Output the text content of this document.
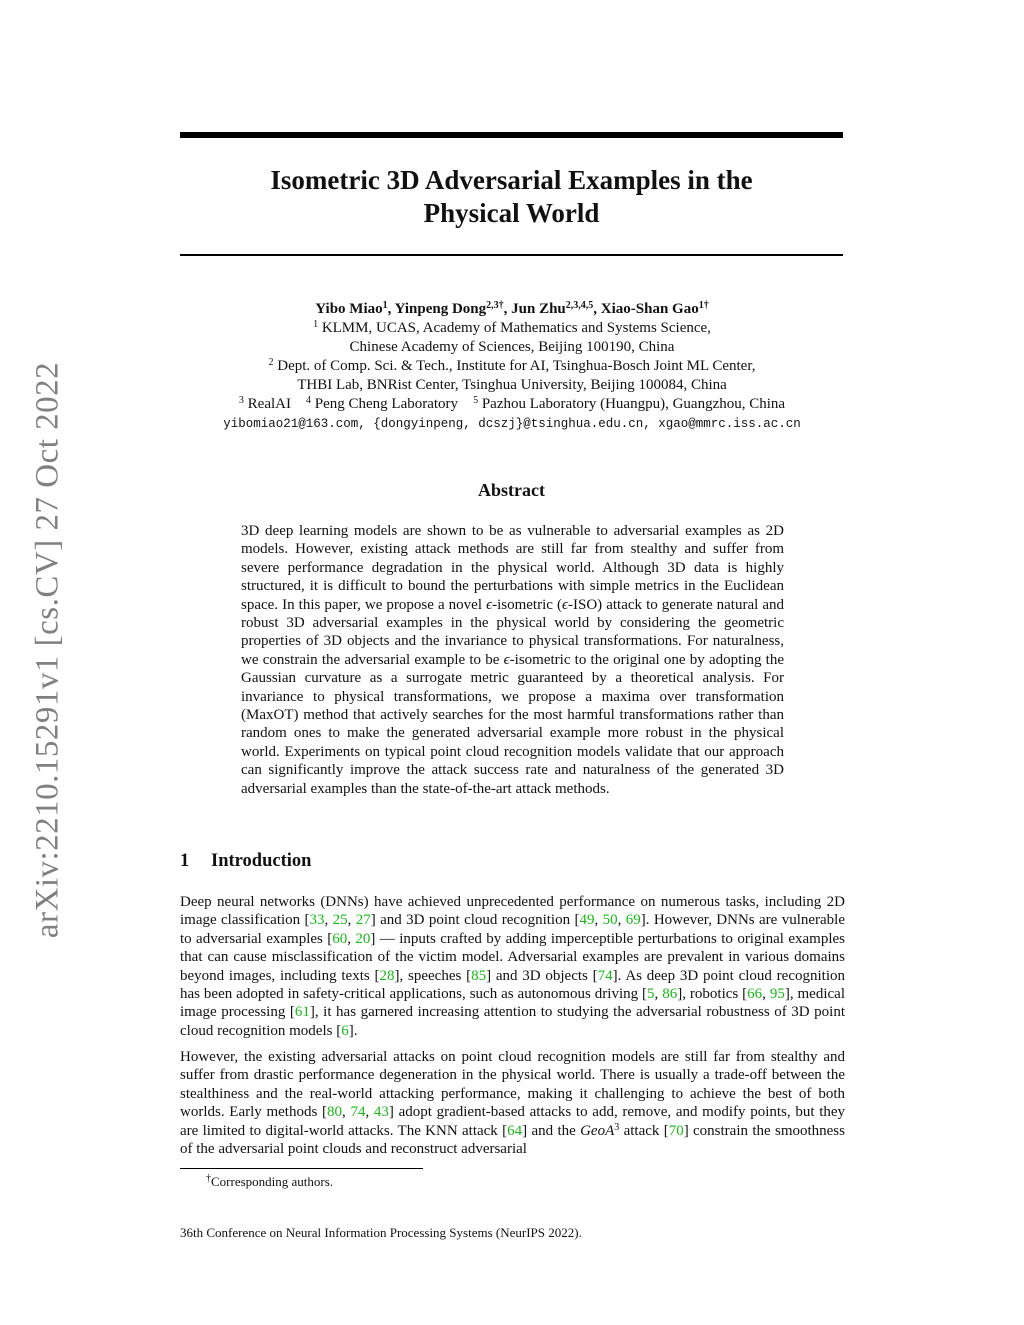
arXiv:2210.15291v1 [cs.CV] 27 Oct 2022
Isometric 3D Adversarial Examples in the
Physical World
Yibo Miao$^1$, Yinpeng Dong$^{2,3\dagger}$, Jun Zhu$^{2,3,4,5}$, Xiao-Shan Gao$^{1\dagger}$
$^1$ KLMM, UCAS, Academy of Mathematics and Systems Science,
Chinese Academy of Sciences, Beijing 100190, China
$^2$ Dept. of Comp. Sci. & Tech., Institute for AI, Tsinghua-Bosch Joint ML Center,
THBI Lab, BNRist Center, Tsinghua University, Beijing 100084, China
$^3$ RealAI $^4$ Peng Cheng Laboratory $^5$ Pazhou Laboratory (Huangpu), Guangzhou, China
yibomiao21@163.com, {dongyinpeng, dcszj}@tsinghua.edu.cn, xgao@mmrc.iss.ac.cn
Abstract
3D deep learning models are shown to be as vulnerable to adversarial examples as 2D models. However, existing attack methods are still far from stealthy and suffer from severe performance degradation in the physical world. Although 3D data is highly structured, it is difficult to bound the perturbations with simple metrics in the Euclidean space. In this paper, we propose a novel ϵ-isometric (ϵ-ISO) attack to generate natural and robust 3D adversarial examples in the physical world by considering the geometric properties of 3D objects and the invariance to physical transformations. For naturalness, we constrain the adversarial example to be ϵ-isometric to the original one by adopting the Gaussian curvature as a surrogate metric guaranteed by a theoretical analysis. For invariance to physical transformations, we propose a maxima over transformation (MaxOT) method that actively searches for the most harmful transformations rather than random ones to make the generated adversarial example more robust in the physical world. Experiments on typical point cloud recognition models validate that our approach can significantly improve the attack success rate and naturalness of the generated 3D adversarial examples than the state-of-the-art attack methods.
1 Introduction
Deep neural networks (DNNs) have achieved unprecedented performance on numerous tasks, including 2D image classification [33, 25, 27] and 3D point cloud recognition [49, 50, 69]. However, DNNs are vulnerable to adversarial examples [60, 20] — inputs crafted by adding imperceptible perturbations to original examples that can cause misclassification of the victim model. Adversarial examples are prevalent in various domains beyond images, including texts [28], speeches [85] and 3D objects [74]. As deep 3D point cloud recognition has been adopted in safety-critical applications, such as autonomous driving [5, 86], robotics [66, 95], medical image processing [61], it has garnered increasing attention to studying the adversarial robustness of 3D point cloud recognition models [6].
However, the existing adversarial attacks on point cloud recognition models are still far from stealthy and suffer from drastic performance degeneration in the physical world. There is usually a trade-off between the stealthiness and the real-world attacking performance, making it challenging to achieve the best of both worlds. Early methods [80, 74, 43] adopt gradient-based attacks to add, remove, and modify points, but they are limited to digital-world attacks. The KNN attack [64] and the GeoA$^3$ attack [70] constrain the smoothness of the adversarial point clouds and reconstruct adversarial
†Corresponding authors.
36th Conference on Neural Information Processing Systems (NeurIPS 2022).
